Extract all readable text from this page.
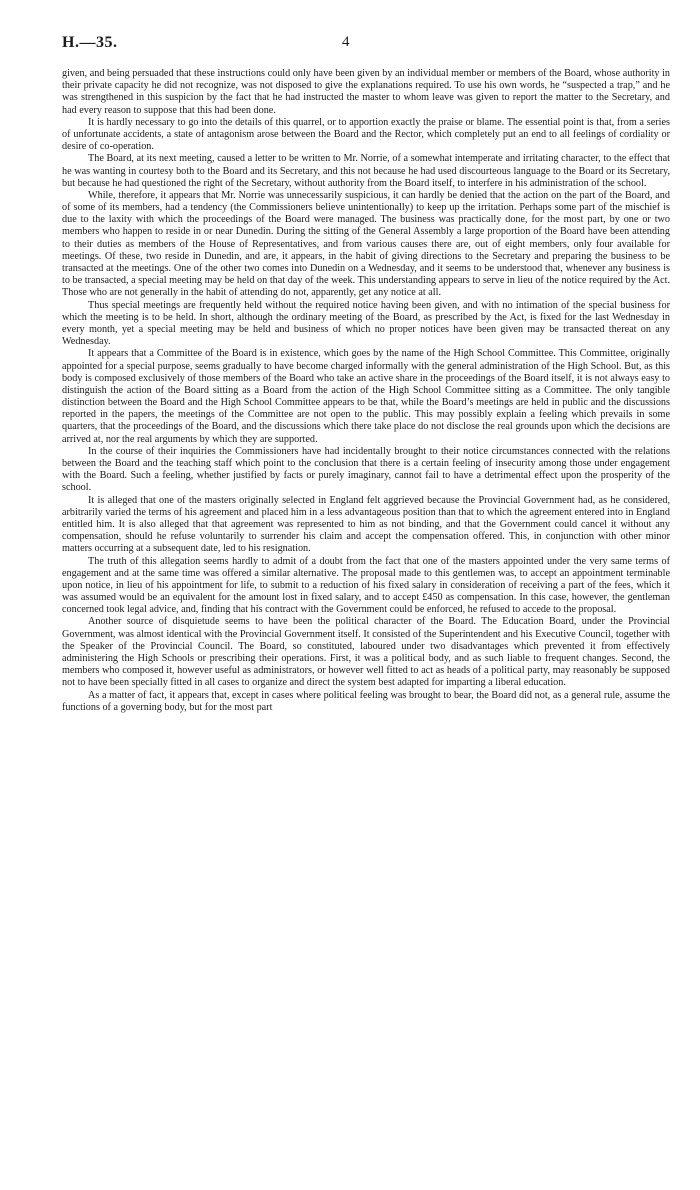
H.—35.	4

given, and being persuaded that these instructions could only have been given by an individual member or members of the Board, whose authority in their private capacity he did not recognize, was not disposed to give the explanations required. To use his own words, he “suspected a trap,” and he was strengthened in this suspicion by the fact that he had instructed the master to whom leave was given to report the matter to the Secretary, and had every reason to suppose that this had been done.

It is hardly necessary to go into the details of this quarrel, or to apportion exactly the praise or blame. The essential point is that, from a series of unfortunate accidents, a state of antagonism arose between the Board and the Rector, which completely put an end to all feelings of cordiality or desire of co-operation.

The Board, at its next meeting, caused a letter to be written to Mr. Norrie, of a somewhat intemperate and irritating character, to the effect that he was wanting in courtesy both to the Board and its Secretary, and this not because he had used discourteous language to the Board or its Secretary, but because he had questioned the right of the Secretary, without authority from the Board itself, to interfere in his administration of the school.

While, therefore, it appears that Mr. Norrie was unnecessarily suspicious, it can hardly be denied that the action on the part of the Board, and of some of its members, had a tendency (the Commissioners believe unintentionally) to keep up the irritation. Perhaps some part of the mischief is due to the laxity with which the proceedings of the Board were managed. The business was practically done, for the most part, by one or two members who happen to reside in or near Dunedin. During the sitting of the General Assembly a large proportion of the Board have been attending to their duties as members of the House of Representatives, and from various causes there are, out of eight members, only four available for meetings. Of these, two reside in Dunedin, and are, it appears, in the habit of giving directions to the Secretary and preparing the business to be transacted at the meetings. One of the other two comes into Dunedin on a Wednesday, and it seems to be understood that, whenever any business is to be transacted, a special meeting may be held on that day of the week. This understanding appears to serve in lieu of the notice required by the Act. Those who are not generally in the habit of attending do not, apparently, get any notice at all.

Thus special meetings are frequently held without the required notice having been given, and with no intimation of the special business for which the meeting is to be held. In short, although the ordinary meeting of the Board, as prescribed by the Act, is fixed for the last Wednesday in every month, yet a special meeting may be held and business of which no proper notices have been given may be transacted thereat on any Wednesday.

It appears that a Committee of the Board is in existence, which goes by the name of the High School Committee. This Committee, originally appointed for a special purpose, seems gradually to have become charged informally with the general administration of the High School. But, as this body is composed exclusively of those members of the Board who take an active share in the proceedings of the Board itself, it is not always easy to distinguish the action of the Board sitting as a Board from the action of the High School Committee sitting as a Committee. The only tangible distinction between the Board and the High School Committee appears to be that, while the Board’s meetings are held in public and the discussions reported in the papers, the meetings of the Committee are not open to the public. This may possibly explain a feeling which prevails in some quarters, that the proceedings of the Board, and the discussions which there take place do not disclose the real grounds upon which the decisions are arrived at, nor the real arguments by which they are supported.

In the course of their inquiries the Commissioners have had incidentally brought to their notice circumstances connected with the relations between the Board and the teaching staff which point to the conclusion that there is a certain feeling of insecurity among those under engagement with the Board. Such a feeling, whether justified by facts or purely imaginary, cannot fail to have a detrimental effect upon the prosperity of the school.

It is alleged that one of the masters originally selected in England felt aggrieved because the Provincial Government had, as he considered, arbitrarily varied the terms of his agreement and placed him in a less advantageous position than that to which the agreement entered into in England entitled him. It is also alleged that that agreement was represented to him as not binding, and that the Government could cancel it without any compensation, should he refuse voluntarily to surrender his claim and accept the compensation offered. This, in conjunction with other minor matters occurring at a subsequent date, led to his resignation.

The truth of this allegation seems hardly to admit of a doubt from the fact that one of the masters appointed under the very same terms of engagement and at the same time was offered a similar alternative. The proposal made to this gentlemen was, to accept an appointment terminable upon notice, in lieu of his appointment for life, to submit to a reduction of his fixed salary in consideration of receiving a part of the fees, which it was assumed would be an equivalent for the amount lost in fixed salary, and to accept £450 as compensation. In this case, however, the gentleman concerned took legal advice, and, finding that his contract with the Government could be enforced, he refused to accede to the proposal.

Another source of disquietude seems to have been the political character of the Board. The Education Board, under the Provincial Government, was almost identical with the Provincial Government itself. It consisted of the Superintendent and his Executive Council, together with the Speaker of the Provincial Council. The Board, so constituted, laboured under two disadvantages which prevented it from effectively administering the High Schools or prescribing their operations. First, it was a political body, and as such liable to frequent changes. Second, the members who composed it, however useful as administrators, or however well fitted to act as heads of a political party, may reasonably be supposed not to have been specially fitted in all cases to organize and direct the system best adapted for imparting a liberal education.

As a matter of fact, it appears that, except in cases where political feeling was brought to bear, the Board did not, as a general rule, assume the functions of a governing body, but for the most part
